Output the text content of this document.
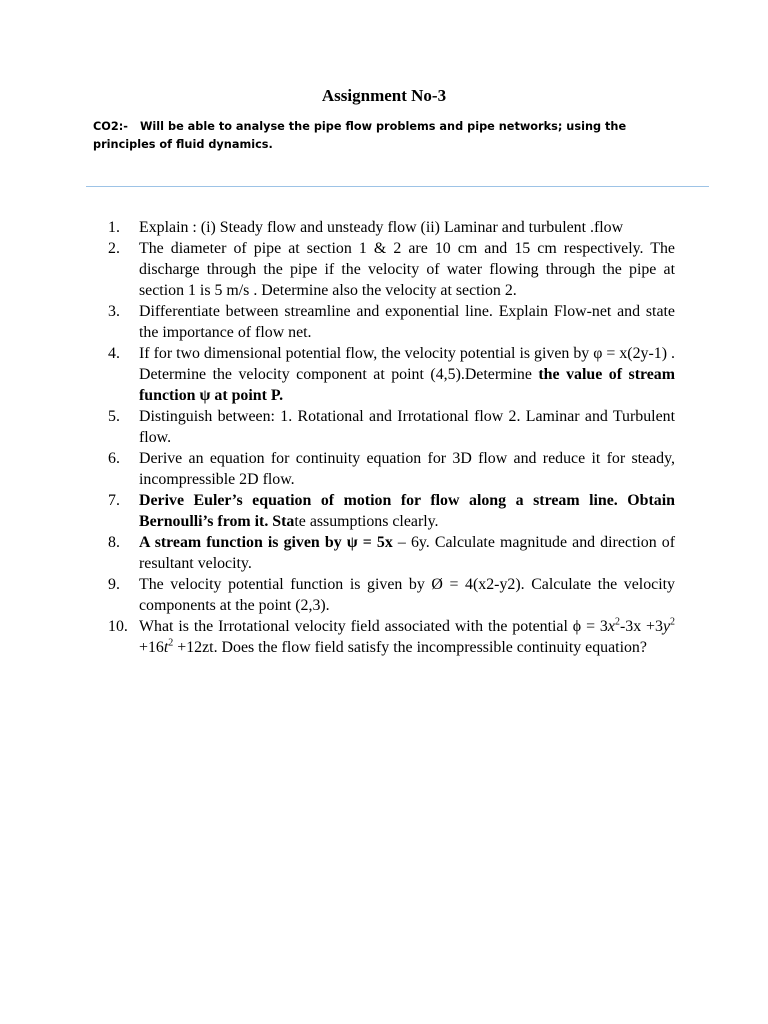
Assignment No-3
CO2:- Will be able to analyse the pipe flow problems and pipe networks; using the principles of fluid dynamics.
1.	Explain : (i) Steady flow and unsteady flow (ii) Laminar and turbulent .flow
2.	The diameter of pipe at section 1 & 2 are 10 cm and 15 cm respectively. The discharge through the pipe if the velocity of water flowing through the pipe at section 1 is 5 m/s . Determine also the velocity at section 2.
3.	Differentiate between streamline and exponential line. Explain Flow-net and state the importance of flow net.
4.	If for two dimensional potential flow, the velocity potential is given by φ = x(2y-1) . Determine the velocity component at point (4,5).Determine the value of stream function ψ at point P.
5.	Distinguish between: 1. Rotational and Irrotational flow 2. Laminar and Turbulent flow.
6.	Derive an equation for continuity equation for 3D flow and reduce it for steady, incompressible 2D flow.
7.	Derive Euler’s equation of motion for flow along a stream line. Obtain Bernoulli’s from it. State assumptions clearly.
8.	A stream function is given by ψ = 5x – 6y. Calculate magnitude and direction of resultant velocity.
9.	The velocity potential function is given by Ø = 4(x2-y2). Calculate the velocity components at the point (2,3).
10. What is the Irrotational velocity field associated with the potential $\phi = 3x^2-3x +3y^2 +16t^2 +12zt$. Does the flow field satisfy the incompressible continuity equation?
